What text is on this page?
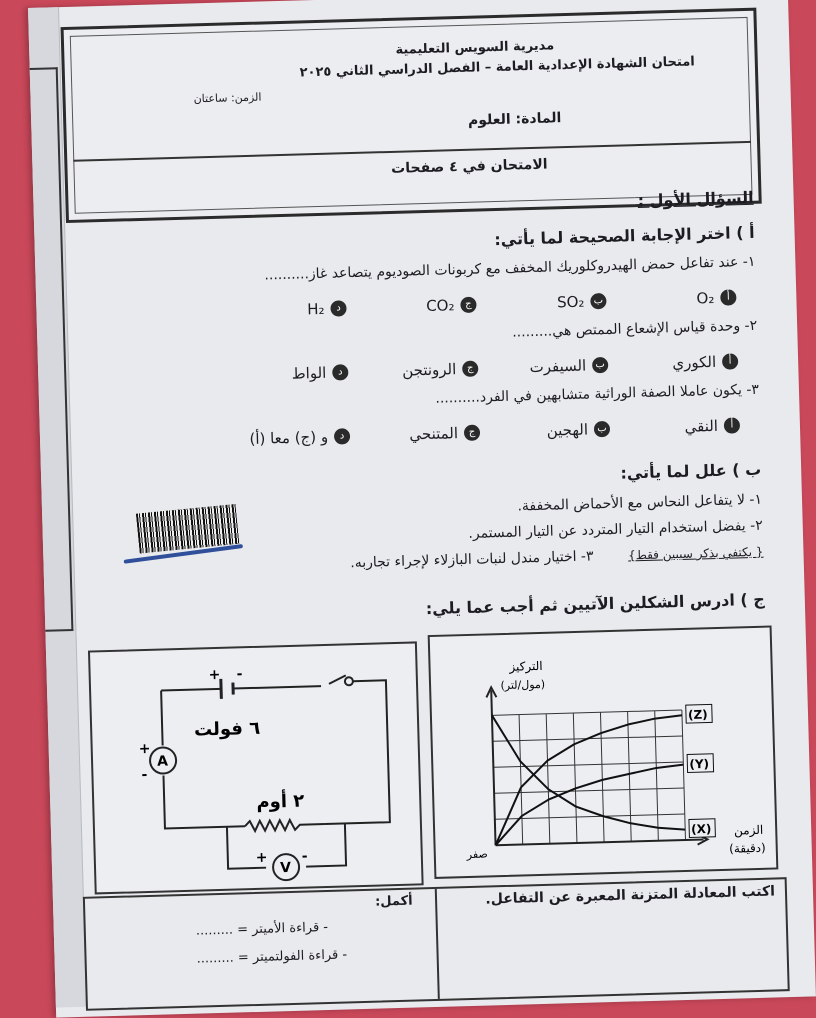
مديرية السويس التعليمية
امتحان الشهادة الإعدادية العامة – الفصل الدراسي الثاني ٢٠٢٥
الزمن: ساعتان
المادة: العلوم
الامتحان في ٤ صفحات
السؤال الأول :
أ ) اختر الإجابة الصحيحة لما يأتي:
١- عند تفاعل حمض الهيدروكلوريك المخفف مع كربونات الصوديوم يتصاعد غاز..........
أ
O₂
ب
SO₂
ج
CO₂
د
H₂
٢- وحدة قياس الإشعاع الممتص هي.........
أ
الكوري
ب
السيفرت
ج
الرونتجن
د
الواط
٣- يكون عاملا الصفة الوراثية متشابهين في الفرد..........
أ
النقي
ب
الهجين
ج
المتنحي
د
(أ) و (ج) معا
ب ) علل لما يأتي:
١- لا يتفاعل النحاس مع الأحماض المخففة.
٢- يفضل استخدام التيار المتردد عن التيار المستمر.
٣- اختيار مندل لنبات البازلاء لإجراء تجاربه.	{ يكتفي بذكر سببين فقط}
ج ) ادرس الشكلين الآتيين ثم أجب عما يلي:
A
V
+ -
+
-
+ -
٦ فولت
٢ أوم
(Z)
(Y)
(X)
التركيز
(مول/لتر)
الزمن
(دقيقة)
صفر
اكتب المعادلة المتزنة المعبرة عن التفاعل.
أكمل:
- قراءة الأميتر = .........
- قراءة الفولتميتر = .........
